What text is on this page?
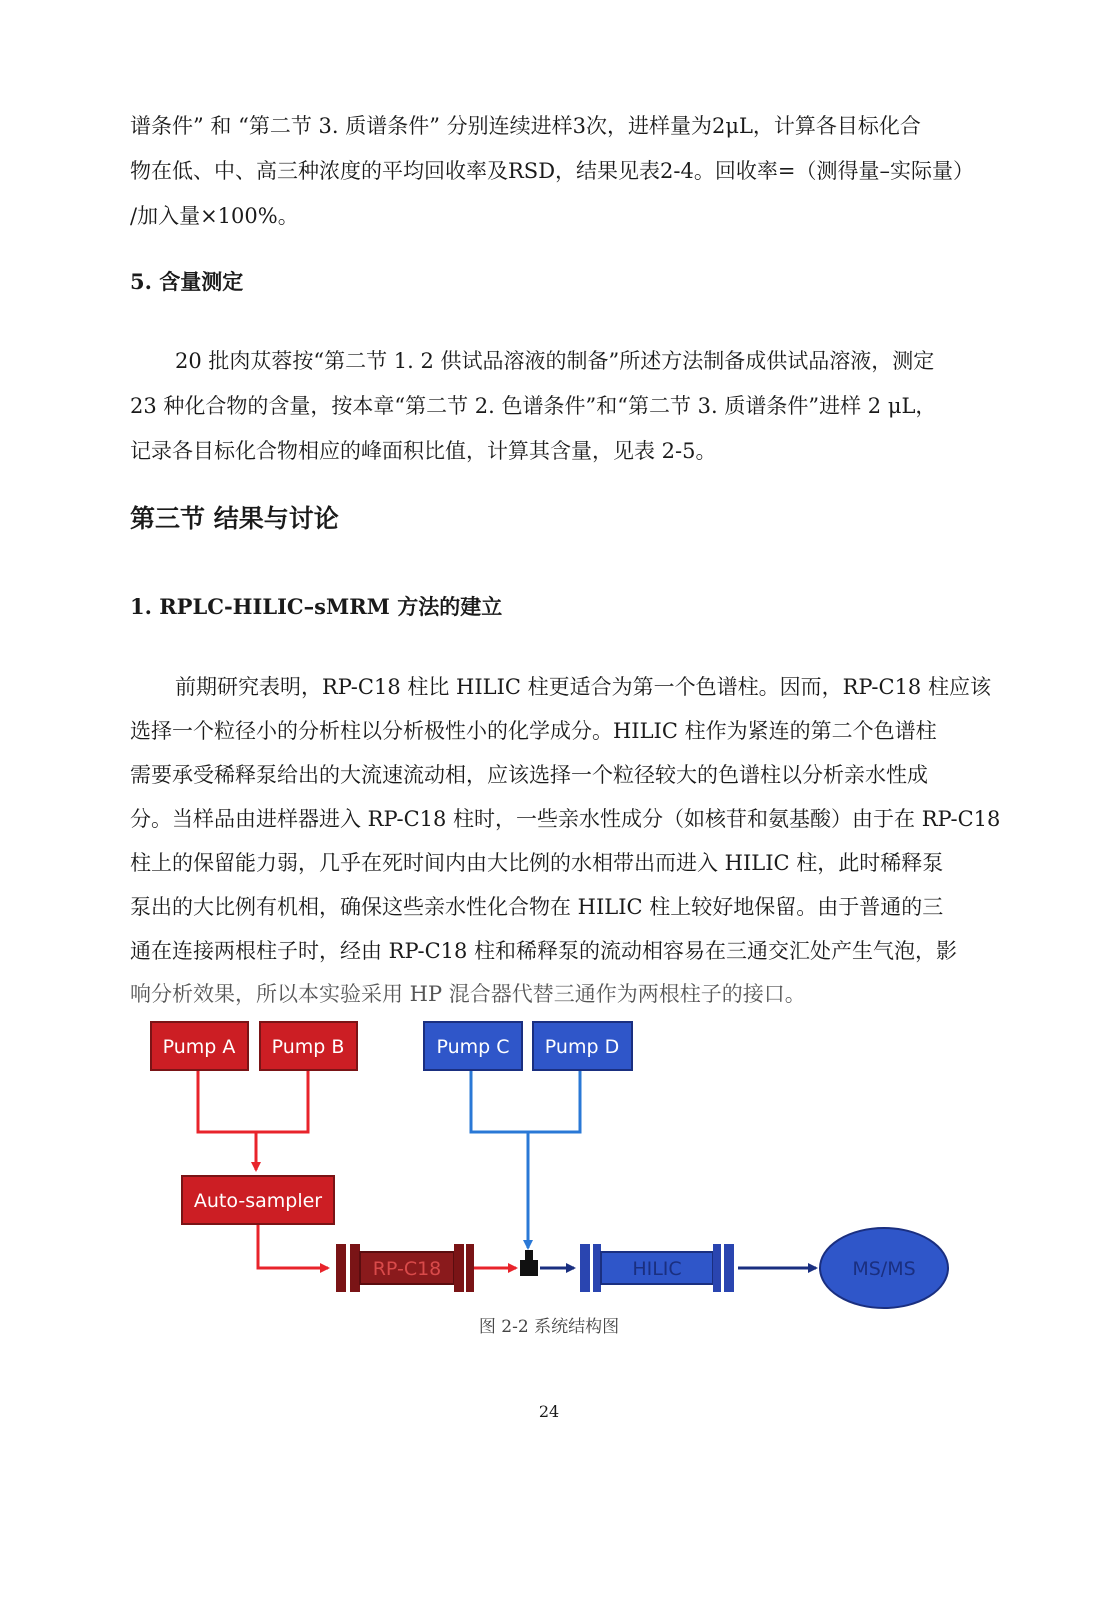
谱条件” 和 “第二节 3. 质谱条件” 分别连续进样3次，进样量为2μL，计算各目标化合
物在低、中、高三种浓度的平均回收率及RSD，结果见表2-4。回收率=（测得量–实际量）
/加入量×100%。
5. 含量测定
20 批肉苁蓉按“第二节 1. 2 供试品溶液的制备”所述方法制备成供试品溶液，测定
23 种化合物的含量，按本章“第二节 2. 色谱条件”和“第二节 3. 质谱条件”进样 2 μL，
记录各目标化合物相应的峰面积比值，计算其含量，见表 2-5。
第三节 结果与讨论
1. RPLC-HILIC–sMRM 方法的建立
前期研究表明，RP-C18 柱比 HILIC 柱更适合为第一个色谱柱。因而，RP-C18 柱应该
选择一个粒径小的分析柱以分析极性小的化学成分。HILIC 柱作为紧连的第二个色谱柱
需要承受稀释泵给出的大流速流动相，应该选择一个粒径较大的色谱柱以分析亲水性成
分。当样品由进样器进入 RP-C18 柱时，一些亲水性成分（如核苷和氨基酸）由于在 RP-C18
柱上的保留能力弱，几乎在死时间内由大比例的水相带出而进入 HILIC 柱，此时稀释泵
泵出的大比例有机相，确保这些亲水性化合物在 HILIC 柱上较好地保留。由于普通的三
通在连接两根柱子时，经由 RP-C18 柱和稀释泵的流动相容易在三通交汇处产生气泡，影
响分析效果，所以本实验采用 HP 混合器代替三通作为两根柱子的接口。
Pump A Pump B	Pump C Pump D
Auto-sampler
RP-C18	HILIC	MS/MS
图 2-2 系统结构图
24
